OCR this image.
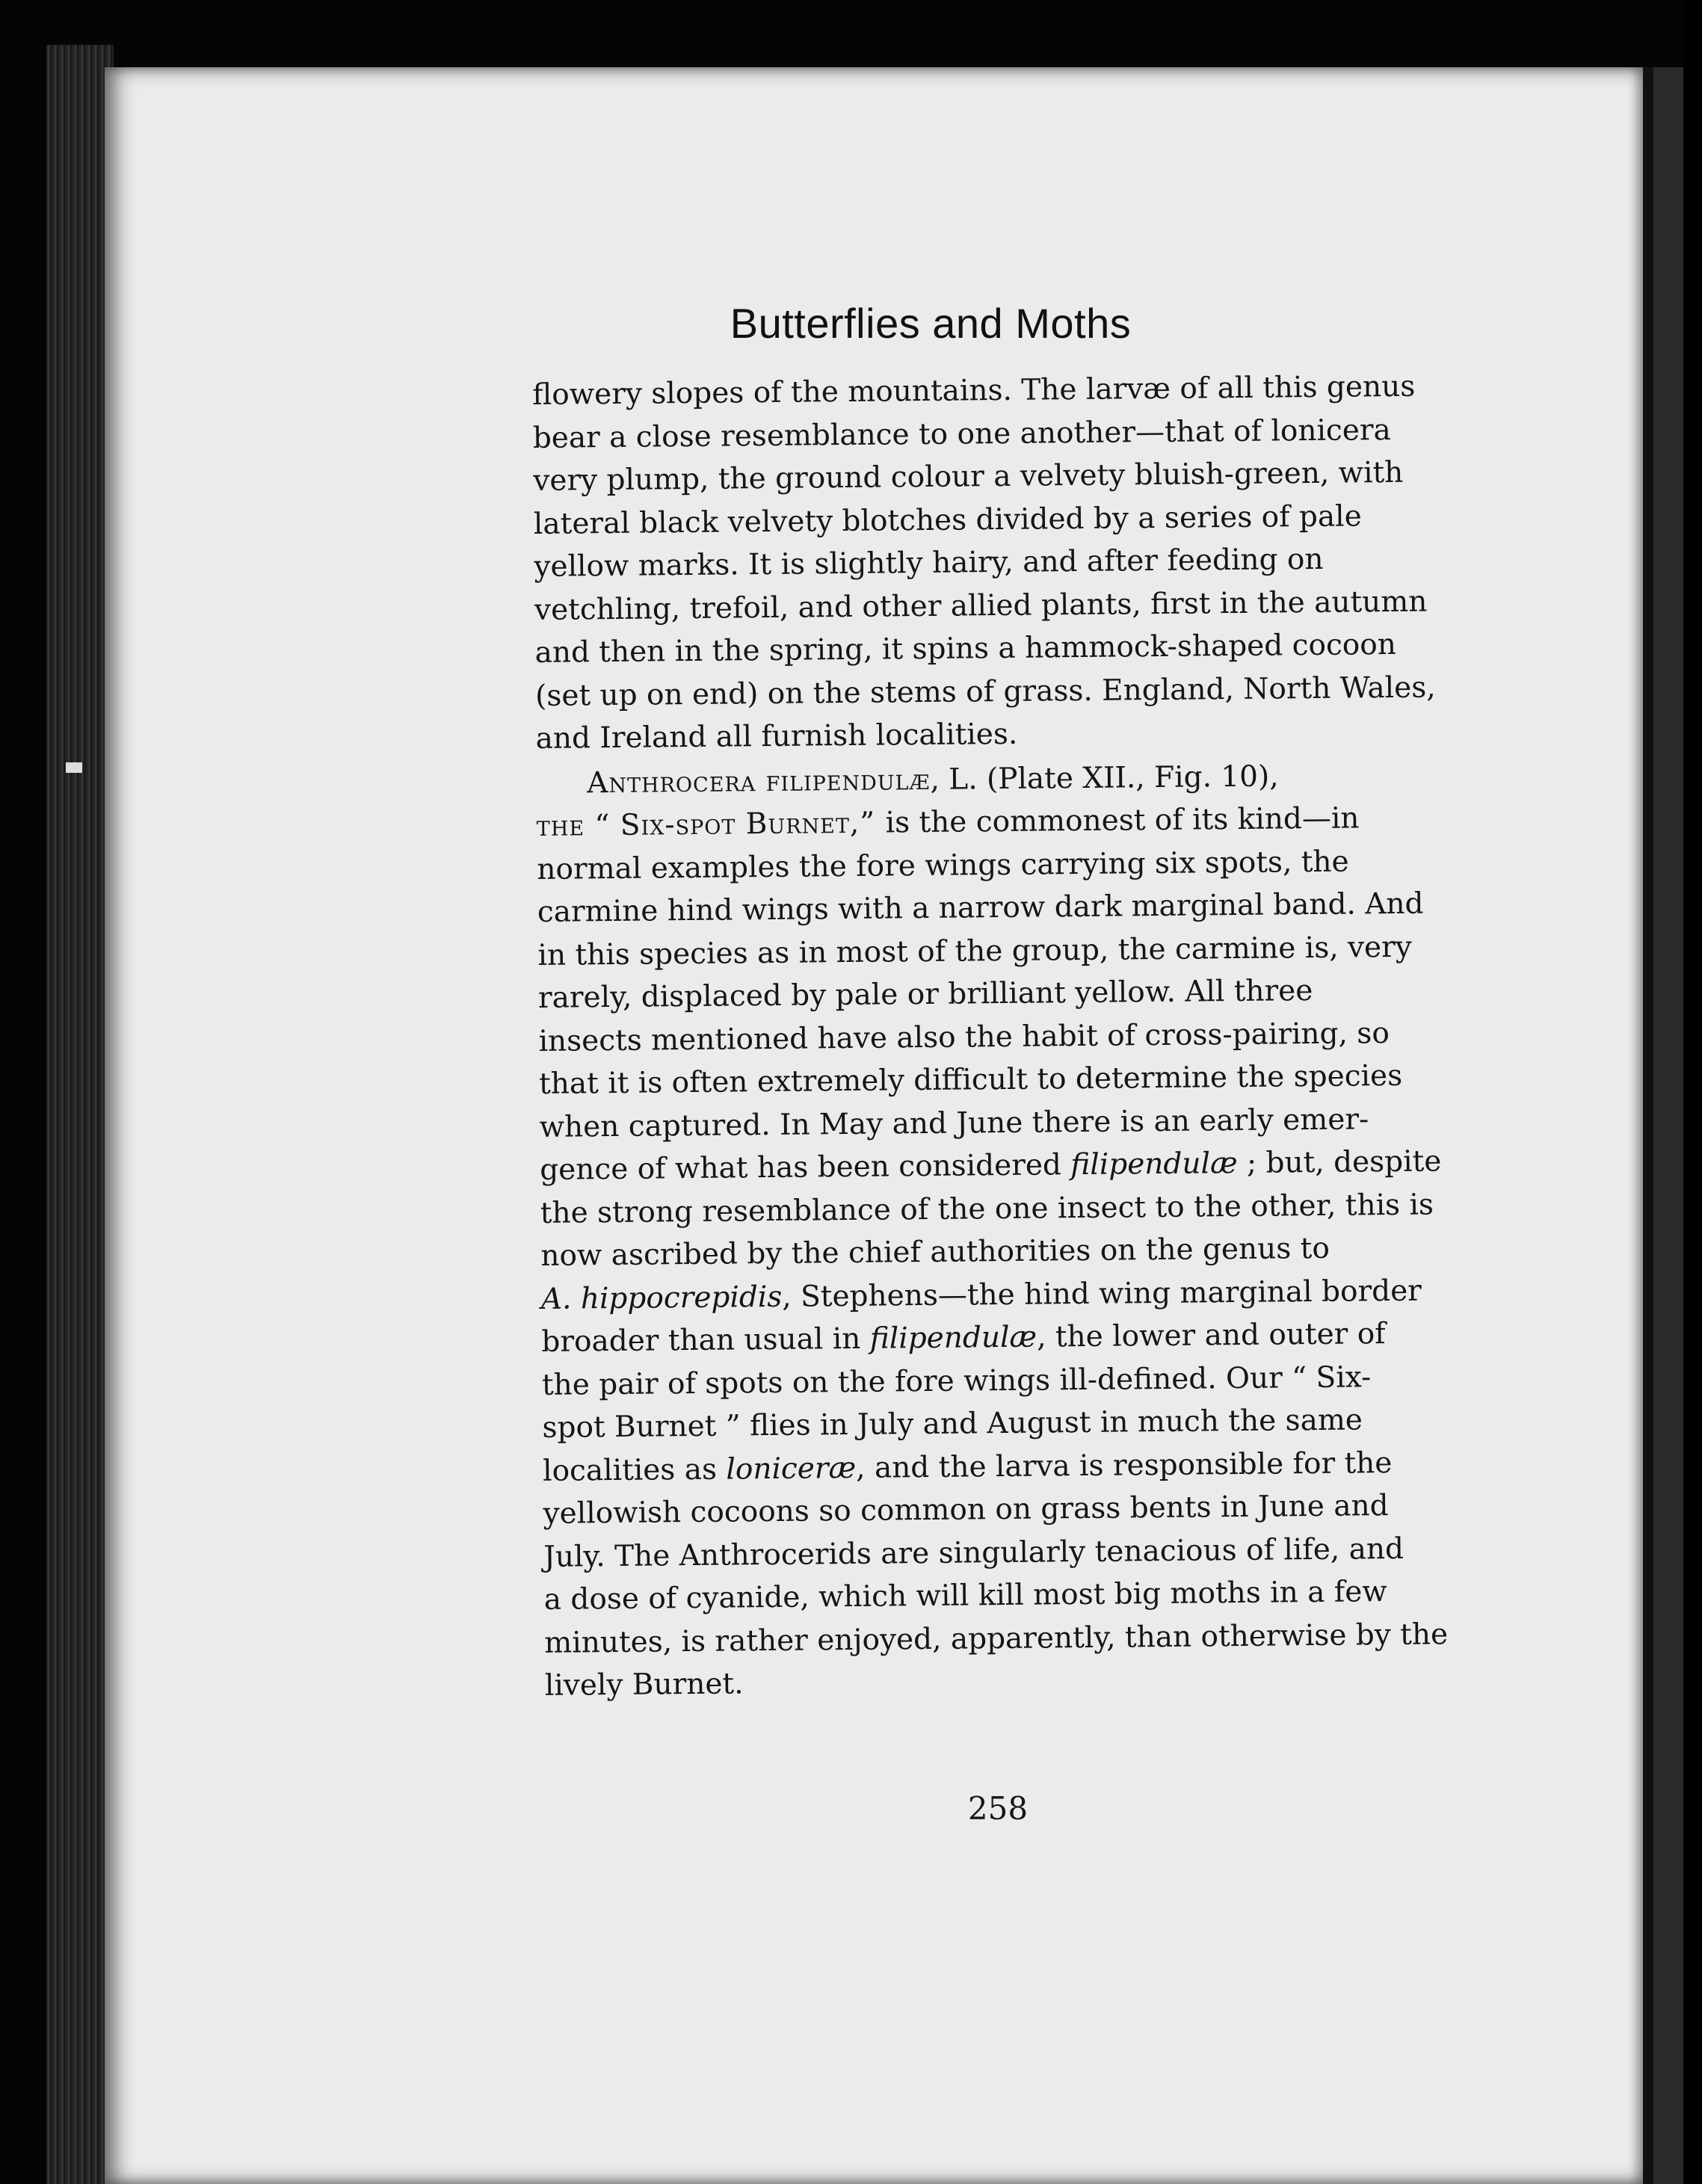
Butterflies and Moths

flowery slopes of the mountains. The larvæ of all this genus
bear a close resemblance to one another—that of lonicera
very plump, the ground colour a velvety bluish-green, with
lateral black velvety blotches divided by a series of pale
yellow marks. It is slightly hairy, and after feeding on
vetchling, trefoil, and other allied plants, first in the autumn
and then in the spring, it spins a hammock-shaped cocoon
(set up on end) on the stems of grass. England, North Wales,
and Ireland all furnish localities.

Anthrocera filipendulæ, L. (Plate XII., Fig. 10),
the “ Six-spot Burnet,” is the commonest of its kind—in
normal examples the fore wings carrying six spots, the
carmine hind wings with a narrow dark marginal band. And
in this species as in most of the group, the carmine is, very
rarely, displaced by pale or brilliant yellow. All three
insects mentioned have also the habit of cross-pairing, so
that it is often extremely difficult to determine the species
when captured. In May and June there is an early emer-
gence of what has been considered filipendulæ ; but, despite
the strong resemblance of the one insect to the other, this is
now ascribed by the chief authorities on the genus to
A. hippocrepidis, Stephens—the hind wing marginal border
broader than usual in filipendulæ, the lower and outer of
the pair of spots on the fore wings ill-defined. Our “ Six-
spot Burnet ” flies in July and August in much the same
localities as loniceræ, and the larva is responsible for the
yellowish cocoons so common on grass bents in June and
July. The Anthrocerids are singularly tenacious of life, and
a dose of cyanide, which will kill most big moths in a few
minutes, is rather enjoyed, apparently, than otherwise by the
lively Burnet.

258
